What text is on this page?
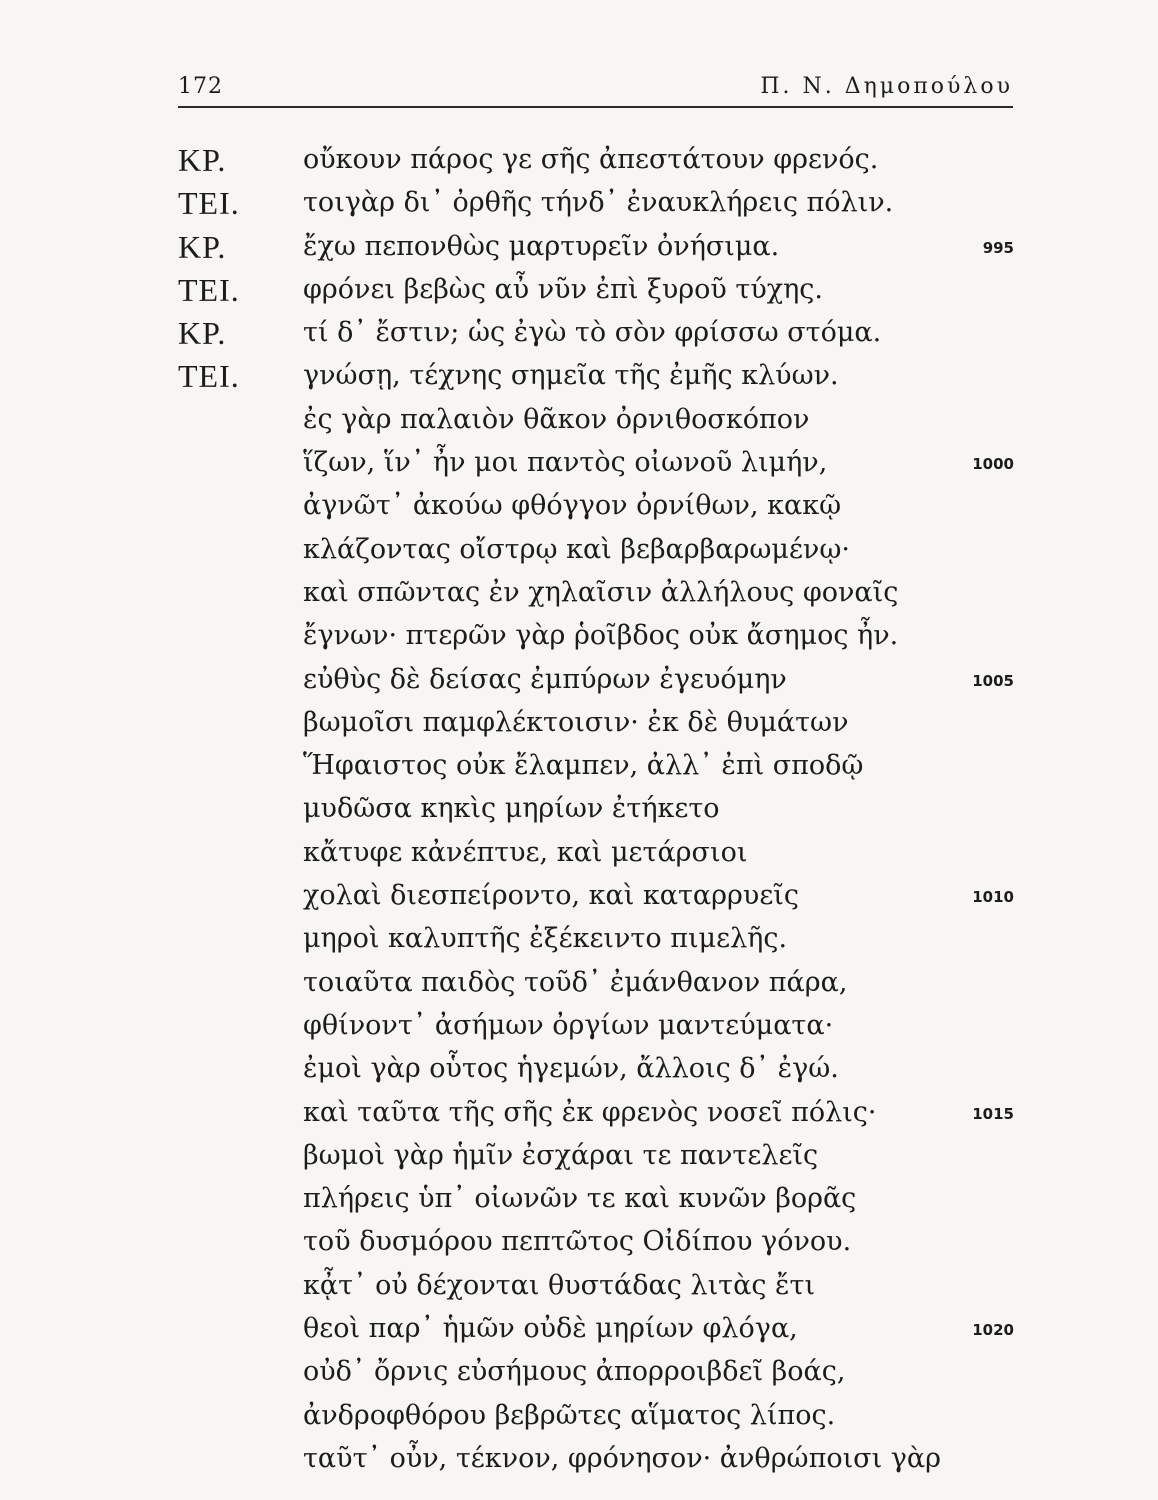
172	Π. Ν. Δημοπούλου
ΚΡ.	οὔκουν πάρος γε σῆς ἀπεστάτουν φρενός.
ΤΕΙ. τοιγὰρ δι᾽ ὀρθῆς τήνδ᾽ ἐναυκλήρεις πόλιν.
ΚΡ.	ἔχω πεπονθὼς μαρτυρεῖν ὀνήσιμα.	995
ΤΕΙ. φρόνει βεβὼς αὖ νῦν ἐπὶ ξυροῦ τύχης.
ΚΡ.	τί δ᾽ ἔστιν; ὡς ἐγὼ τὸ σὸν φρίσσω στόμα.
ΤΕΙ. γνώσῃ, τέχνης σημεῖα τῆς ἐμῆς κλύων.
ἐς γὰρ παλαιὸν θᾶκον ὀρνιθοσκόπον
ἵζων, ἵν᾽ ἦν μοι παντὸς οἰωνοῦ λιμήν,	1000
ἀγνῶτ᾽ ἀκούω φθόγγον ὀρνίθων, κακῷ
κλάζοντας οἴστρῳ καὶ βεβαρβαρωμένῳ·
καὶ σπῶντας ἐν χηλαῖσιν ἀλλήλους φοναῖς
ἔγνων· πτερῶν γὰρ ῥοῖβδος οὐκ ἄσημος ἦν.
εὐθὺς δὲ δείσας ἐμπύρων ἐγευόμην	1005
βωμοῖσι παμφλέκτοισιν· ἐκ δὲ θυμάτων
Ἥφαιστος οὐκ ἔλαμπεν, ἀλλ᾽ ἐπὶ σποδῷ
μυδῶσα κηκὶς μηρίων ἐτήκετο
κἄτυφε κἀνέπτυε, καὶ μετάρσιοι
χολαὶ διεσπείροντο, καὶ καταρρυεῖς	1010
μηροὶ καλυπτῆς ἐξέκειντο πιμελῆς.
τοιαῦτα παιδὸς τοῦδ᾽ ἐμάνθανον πάρα,
φθίνοντ᾽ ἀσήμων ὀργίων μαντεύματα·
ἐμοὶ γὰρ οὗτος ἡγεμών, ἄλλοις δ᾽ ἐγώ.
καὶ ταῦτα τῆς σῆς ἐκ φρενὸς νοσεῖ πόλις·	1015
βωμοὶ γὰρ ἡμῖν ἐσχάραι τε παντελεῖς
πλήρεις ὑπ᾽ οἰωνῶν τε καὶ κυνῶν βορᾶς
τοῦ δυσμόρου πεπτῶτος Οἰδίπου γόνου.
κᾆτ᾽ οὐ δέχονται θυστάδας λιτὰς ἔτι
θεοὶ παρ᾽ ἡμῶν οὐδὲ μηρίων φλόγα,	1020
οὐδ᾽ ὄρνις εὐσήμους ἀπορροιβδεῖ βοάς,
ἀνδροφθόρου βεβρῶτες αἵματος λίπος.
ταῦτ᾽ οὖν, τέκνον, φρόνησον· ἀνθρώποισι γὰρ
